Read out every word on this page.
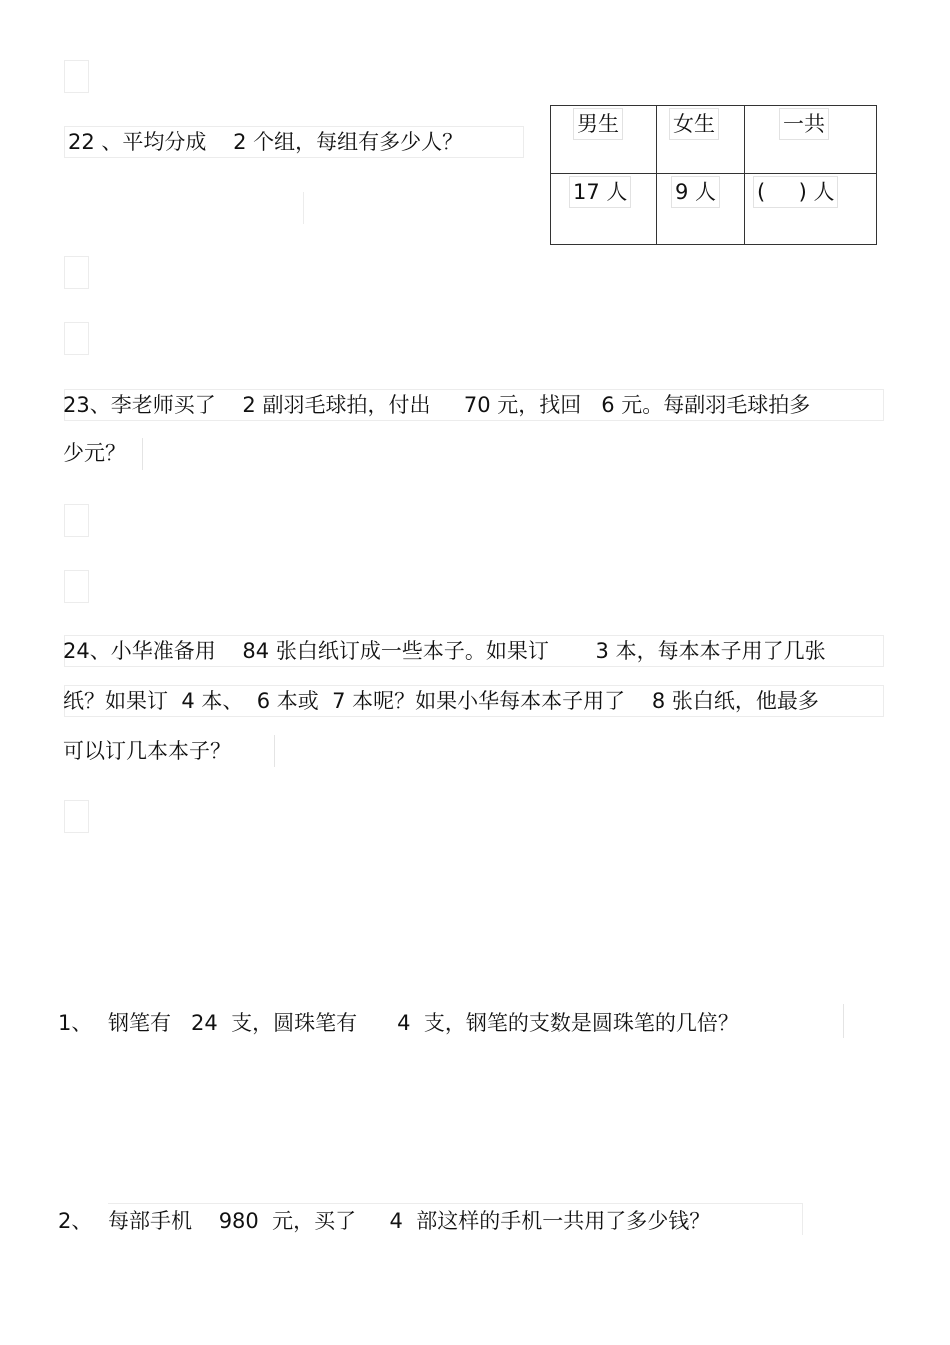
22 、平均分成    2 个组，每组有多少人？
男生	女生	一共
17 人	9 人	(     ) 人
23、李老师买了    2 副羽毛球拍，付出     70 元，找回   6 元。每副羽毛球拍多
少元？
24、小华准备用    84 张白纸订成一些本子。如果订       3 本，每本本子用了几张
纸？如果订  4 本、  6 本或  7 本呢？如果小华每本本子用了    8 张白纸，他最多
可以订几本本子？
1、 钢笔有   24  支，圆珠笔有      4  支，钢笔的支数是圆珠笔的几倍？
2、 每部手机    980  元，买了     4  部这样的手机一共用了多少钱？
